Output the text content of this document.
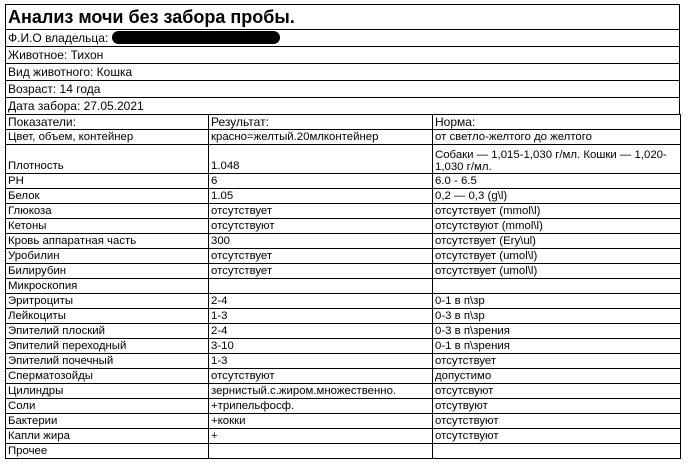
Анализ мочи без забора пробы.
Ф.И.О владельца:
Животное: Тихон
Вид животного: Кошка
Возраст: 14 года
Дата забора: 27.05.2021
Показатели:	Результат:	Норма:
Цвет, объем, контейнер	красно=желтый.20млконтейнер	от светло-желтого до желтого
Плотность	1.048	Собаки — 1,015-1,030 г/мл. Кошки — 1,020-1,030 г/мл.
PH	6	6.0 - 6.5
Белок	1.05	0,2 — 0,3 (g\l)
Глюкоза	отсутствует	отсутствует (mmol\l)
Кетоны	отсутствуют	отсутствуют (mmol\l)
Кровь аппаратная часть	300	отсутствует (Ery\ul)
Уробилин	отсутствует	отсутствует (umol\l)
Билирубин	отсутствует	отсутствует (umol\l)
Микроскопия		
Эритроциты	2-4	0-1 в п\зр
Лейкоциты	1-3	0-3 в п\зр
Эпителий плоский	2-4	0-3 в п\зрения
Эпителий переходный	3-10	0-1 в п\зрения
Эпителий почечный	1-3	отсутствует
Сперматозойды	отсутствуют	допустимо
Цилиндры	зернистый.с.жиром.множественно.	отсутсвуют
Соли	+трипельфосф.	отсутвуют
Бактерии	+кокки	отсутствуют
Капли жира	+	отсутствуют
Прочее		
